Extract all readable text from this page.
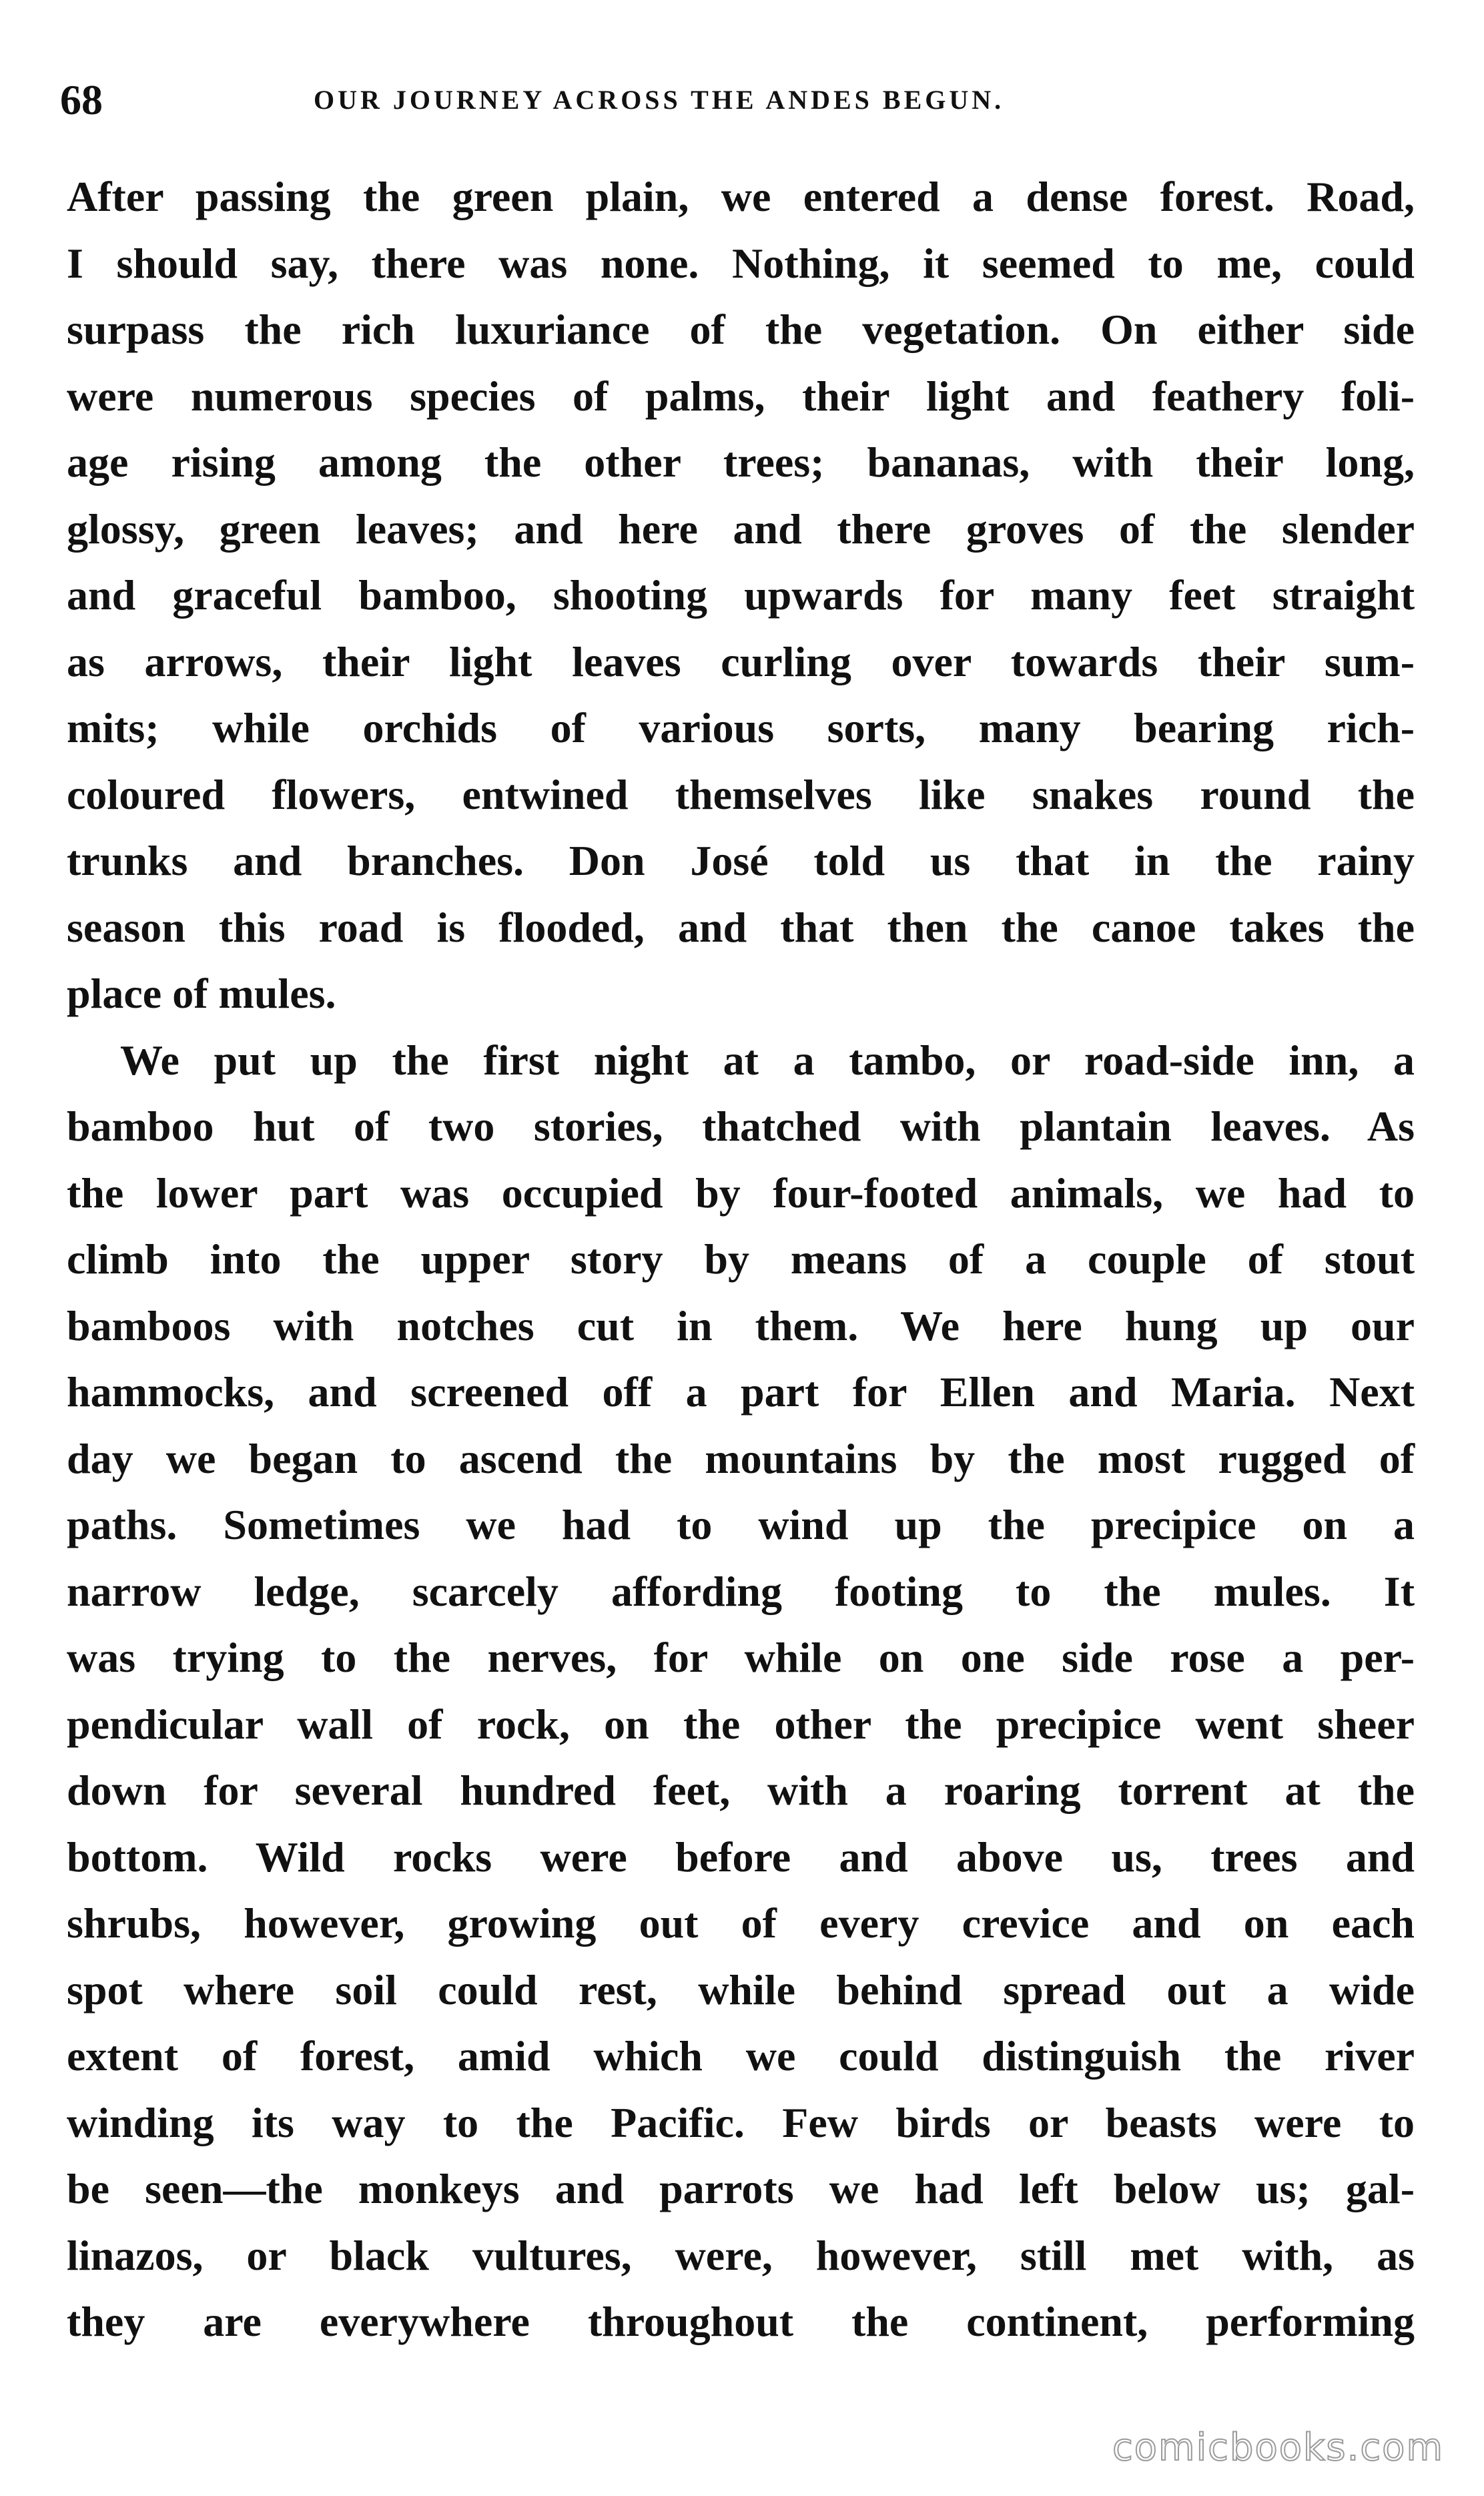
68	OUR JOURNEY ACROSS THE ANDES BEGUN.
After passing the green plain, we entered a dense forest. Road,
I should say, there was none. Nothing, it seemed to me, could
surpass the rich luxuriance of the vegetation. On either side
were numerous species of palms, their light and feathery foli-
age rising among the other trees; bananas, with their long,
glossy, green leaves; and here and there groves of the slender
and graceful bamboo, shooting upwards for many feet straight
as arrows, their light leaves curling over towards their sum-
mits; while orchids of various sorts, many bearing rich-
coloured flowers, entwined themselves like snakes round the
trunks and branches. Don José told us that in the rainy
season this road is flooded, and that then the canoe takes the
place of mules.
We put up the first night at a tambo, or road-side inn, a
bamboo hut of two stories, thatched with plantain leaves. As
the lower part was occupied by four-footed animals, we had to
climb into the upper story by means of a couple of stout
bamboos with notches cut in them. We here hung up our
hammocks, and screened off a part for Ellen and Maria. Next
day we began to ascend the mountains by the most rugged of
paths. Sometimes we had to wind up the precipice on a
narrow ledge, scarcely affording footing to the mules. It
was trying to the nerves, for while on one side rose a per-
pendicular wall of rock, on the other the precipice went sheer
down for several hundred feet, with a roaring torrent at the
bottom. Wild rocks were before and above us, trees and
shrubs, however, growing out of every crevice and on each
spot where soil could rest, while behind spread out a wide
extent of forest, amid which we could distinguish the river
winding its way to the Pacific. Few birds or beasts were to
be seen—the monkeys and parrots we had left below us; gal-
linazos, or black vultures, were, however, still met with, as
they are everywhere throughout the continent, performing
comicbooks.com
